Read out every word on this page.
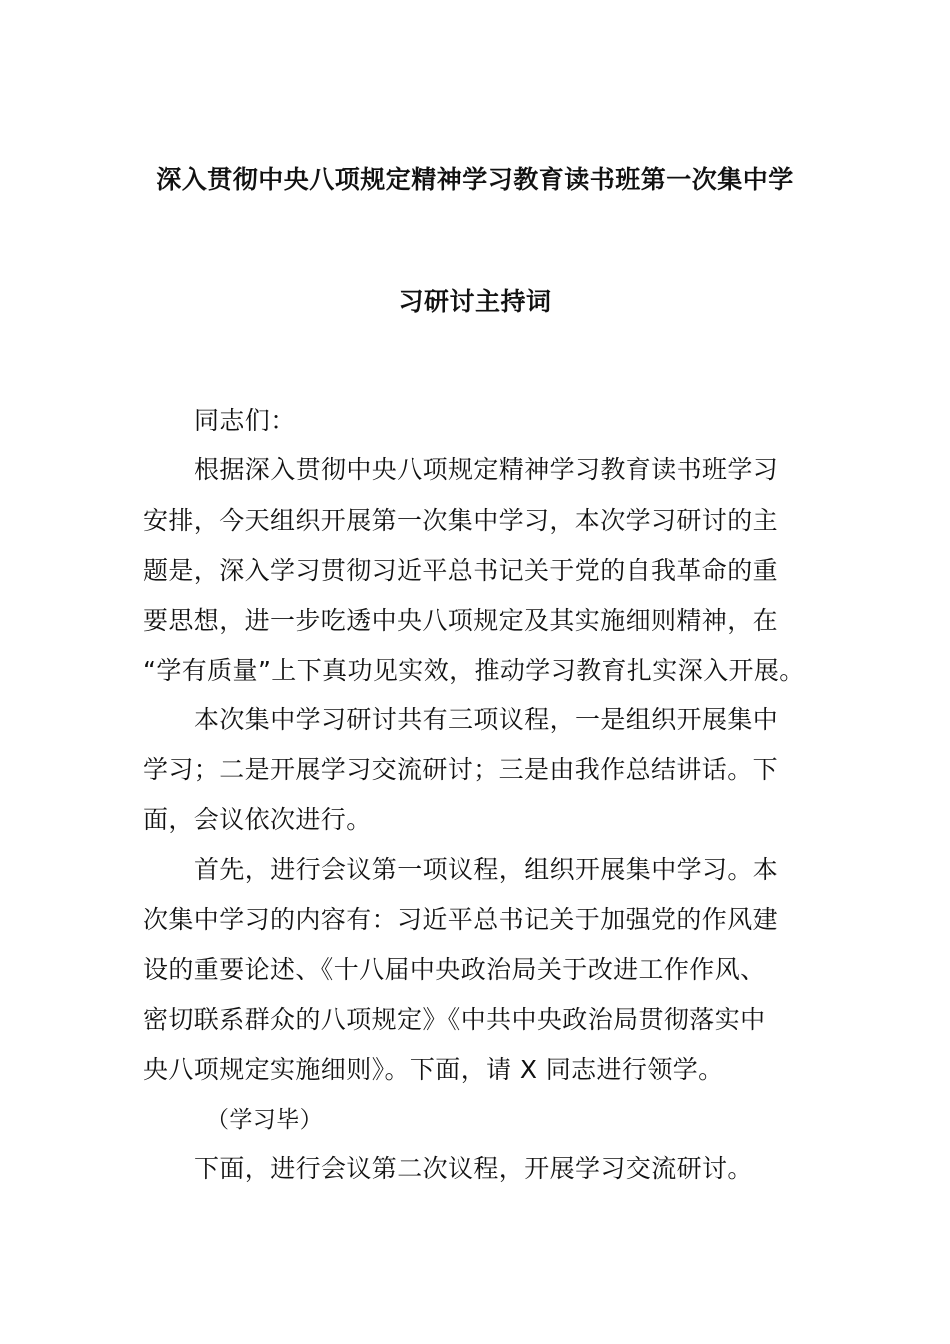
深入贯彻中央八项规定精神学习教育读书班第一次集中学
习研讨主持词
同志们：
根据深入贯彻中央八项规定精神学习教育读书班学习
安排，今天组织开展第一次集中学习，本次学习研讨的主
题是，深入学习贯彻习近平总书记关于党的自我革命的重
要思想，进一步吃透中央八项规定及其实施细则精神，在
“学有质量”上下真功见实效，推动学习教育扎实深入开展。
本次集中学习研讨共有三项议程，一是组织开展集中
学习；二是开展学习交流研讨；三是由我作总结讲话。下
面，会议依次进行。
首先，进行会议第一项议程，组织开展集中学习。本
次集中学习的内容有：习近平总书记关于加强党的作风建
设的重要论述、《十八届中央政治局关于改进工作作风、
密切联系群众的八项规定》《中共中央政治局贯彻落实中
央八项规定实施细则》。下面，请 X 同志进行领学。
（学习毕）
下面，进行会议第二次议程，开展学习交流研讨。
